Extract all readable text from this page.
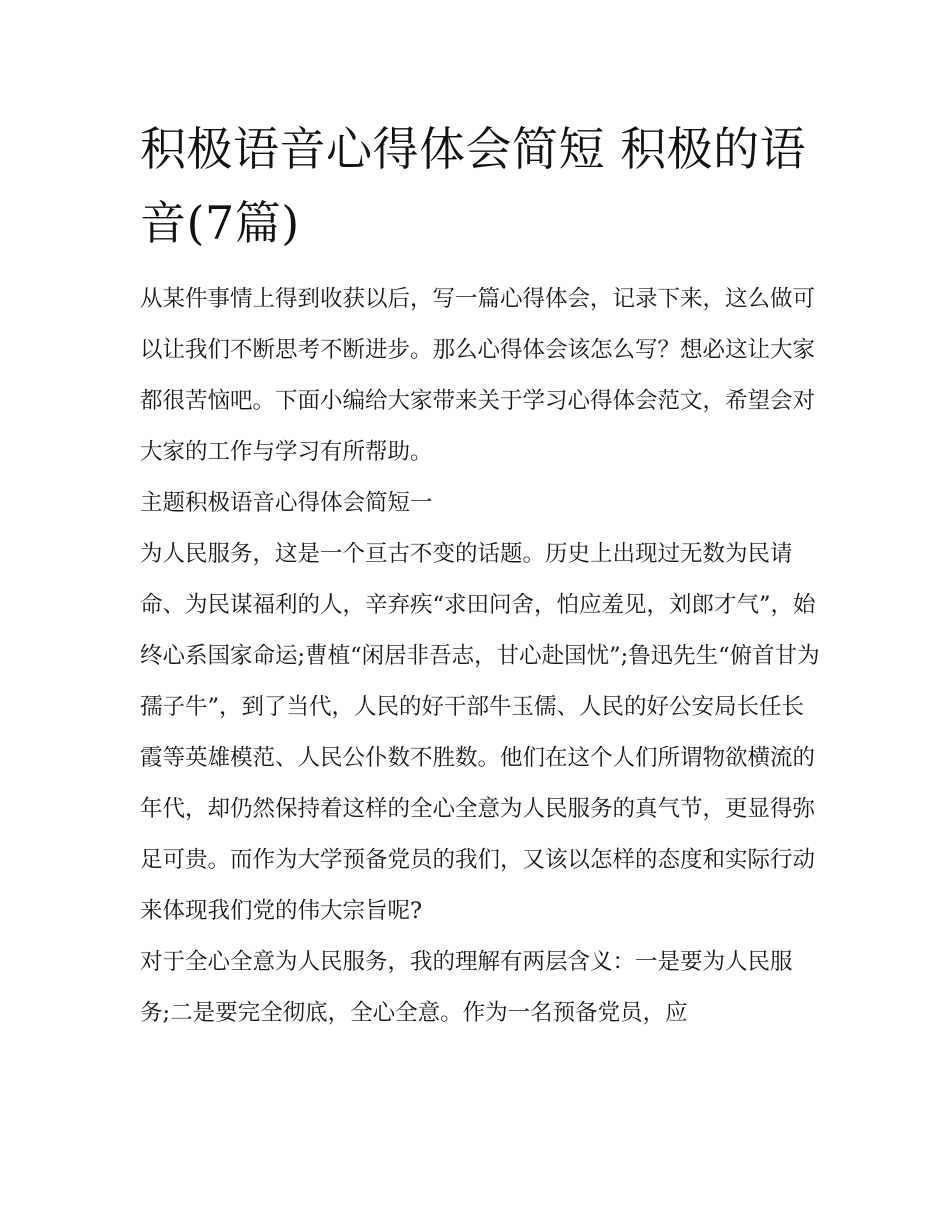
积极语音心得体会简短 积极的语音(7篇)

从某件事情上得到收获以后，写一篇心得体会，记录下来，这么做可以让我们不断思考不断进步。那么心得体会该怎么写？想必这让大家都很苦恼吧。下面小编给大家带来关于学习心得体会范文，希望会对大家的工作与学习有所帮助。

主题积极语音心得体会简短一

为人民服务，这是一个亘古不变的话题。历史上出现过无数为民请命、为民谋福利的人，辛弃疾“求田问舍，怕应羞见，刘郎才气”，始终心系国家命运;曹植“闲居非吾志，甘心赴国忧”;鲁迅先生“俯首甘为孺子牛”，到了当代，人民的好干部牛玉儒、人民的好公安局长任长霞等英雄模范、人民公仆数不胜数。他们在这个人们所谓物欲横流的年代，却仍然保持着这样的全心全意为人民服务的真气节，更显得弥足可贵。而作为大学预备党员的我们，又该以怎样的态度和实际行动来体现我们党的伟大宗旨呢?

对于全心全意为人民服务，我的理解有两层含义：一是要为人民服务;二是要完全彻底，全心全意。作为一名预备党员，应
